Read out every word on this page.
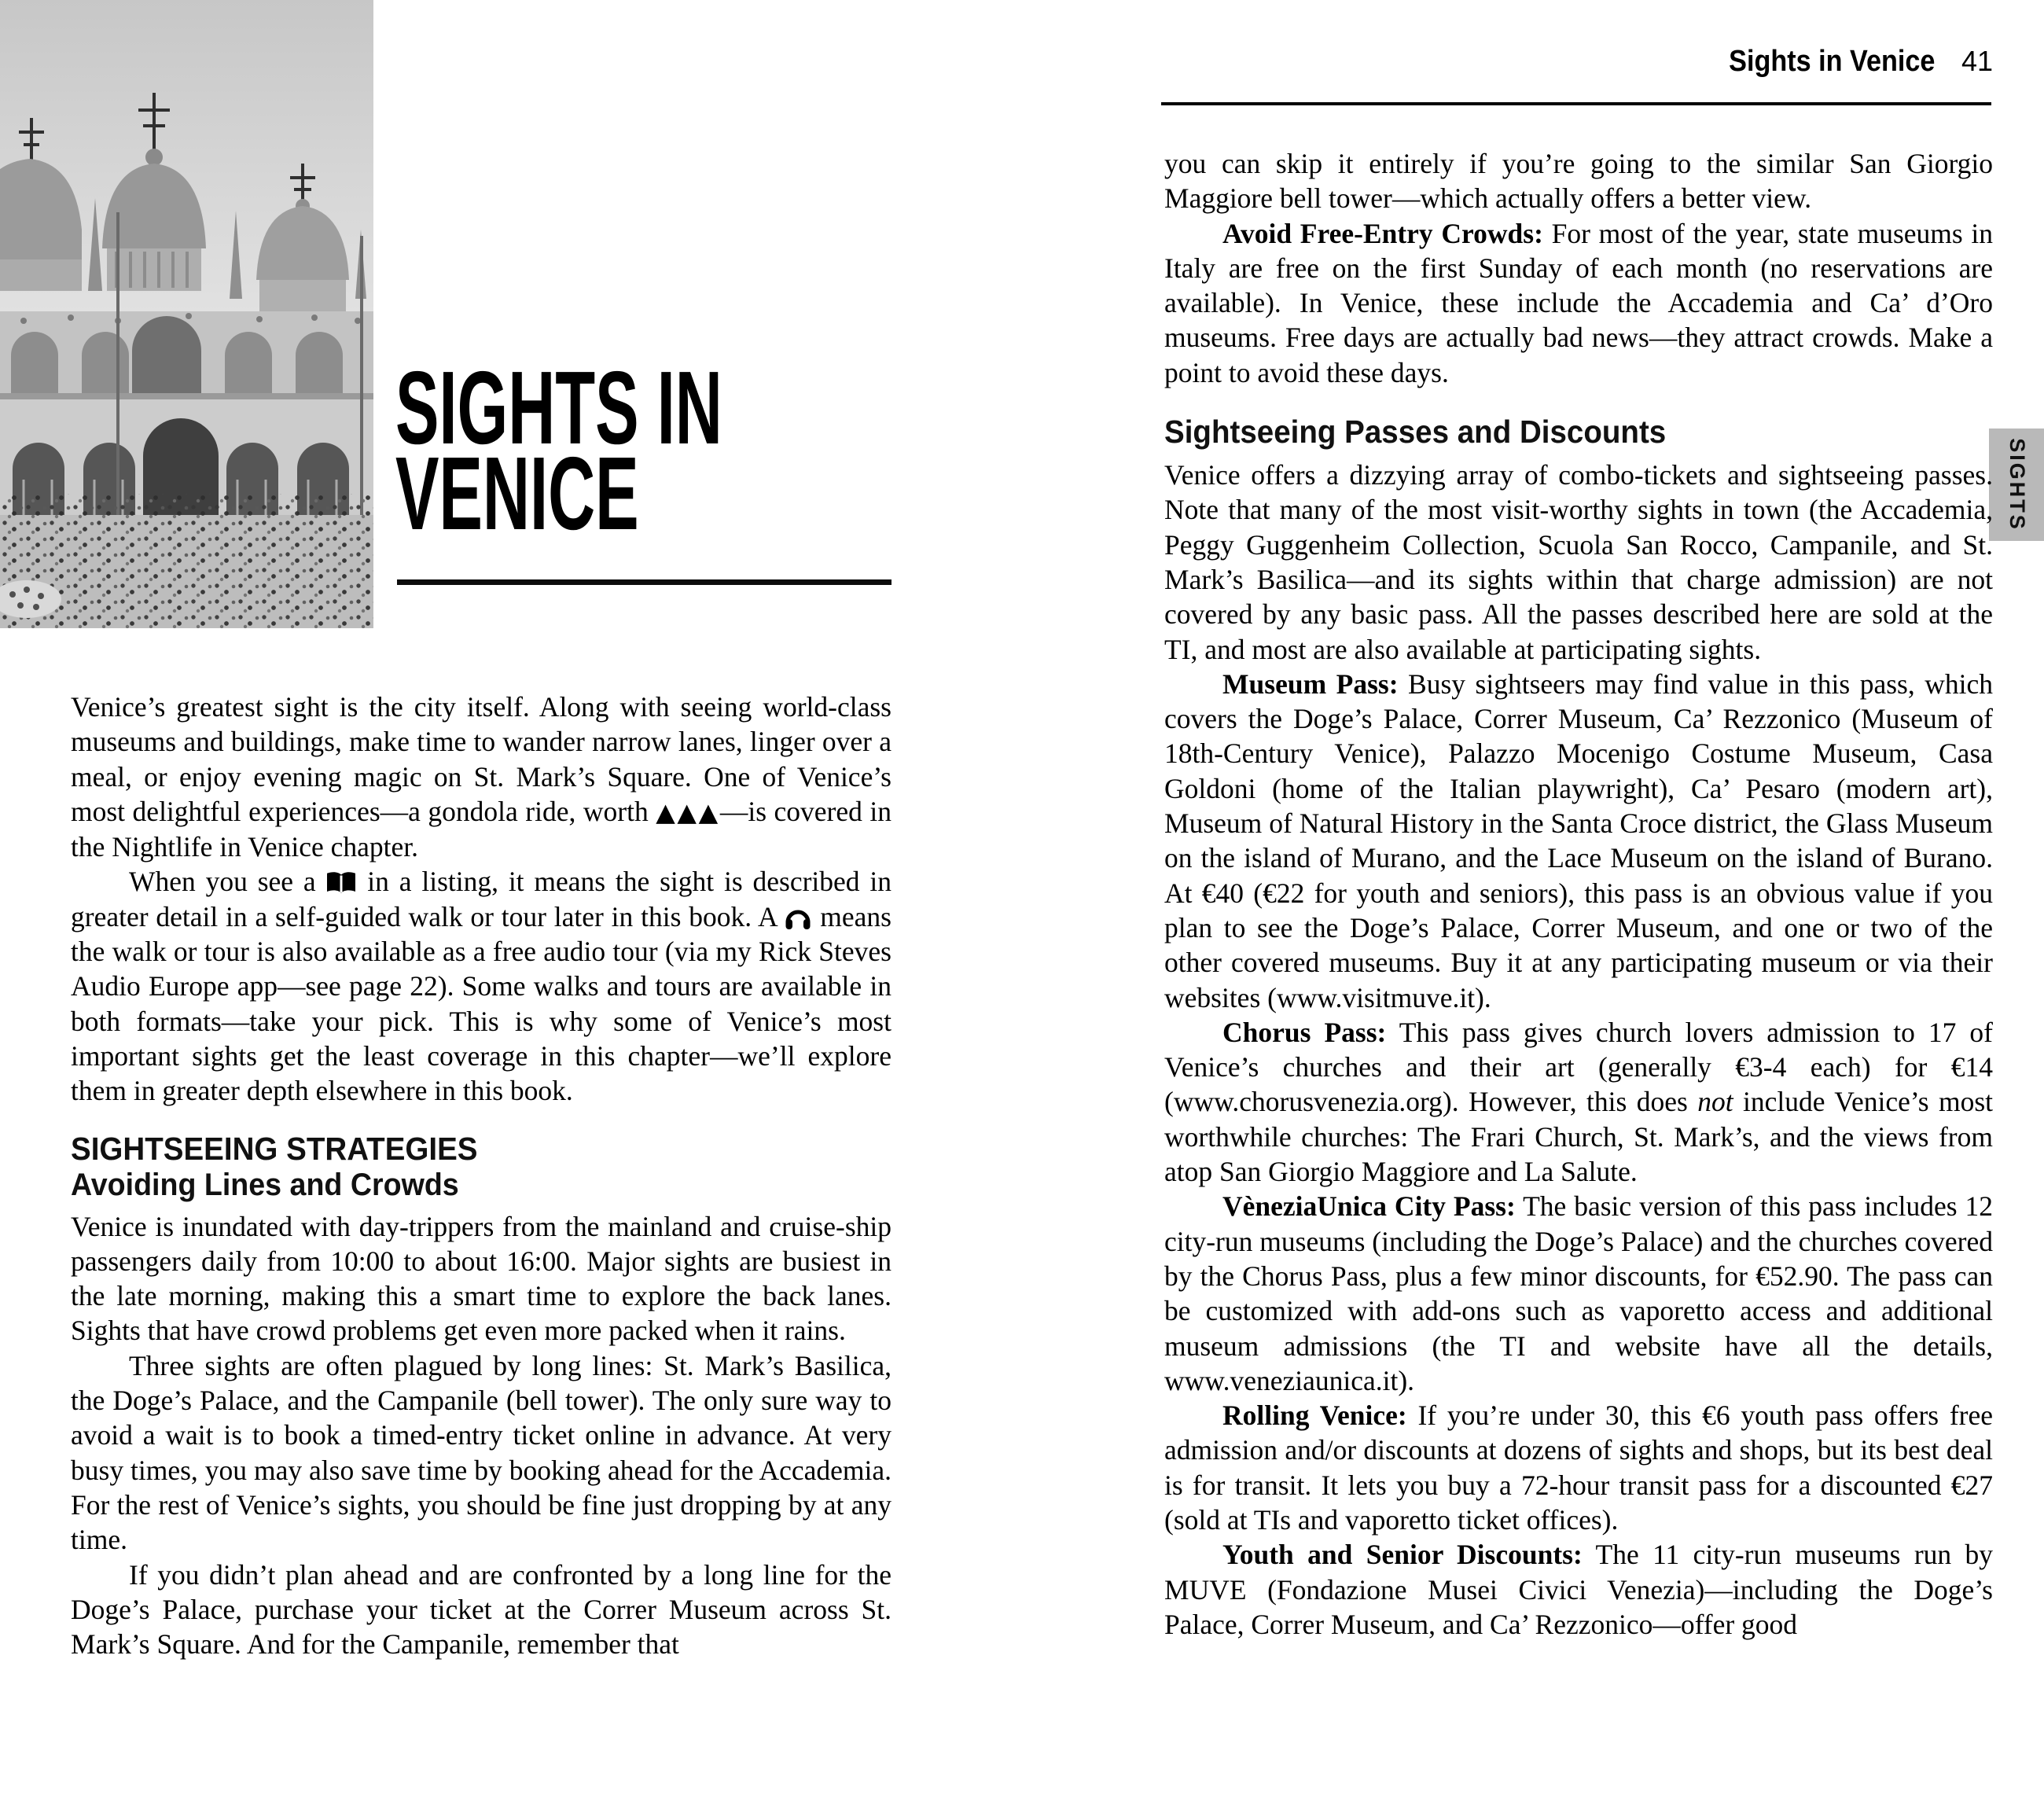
SIGHTS IN
VENICE
Sights in Venice 41
SIGHTS

Venice’s greatest sight is the city itself. Along with seeing world-class museums and buildings, make time to wander narrow lanes, linger over a meal, or enjoy evening magic on St. Mark’s Square. One of Venice’s most delightful experiences—a gondola ride, worth ▲▲▲—is covered in the Nightlife in Venice chapter.

When you see a  in a listing, it means the sight is described in greater detail in a self-guided walk or tour later in this book. A  means the walk or tour is also available as a free audio tour (via my Rick Steves Audio Europe app—see page 22). Some walks and tours are available in both formats—take your pick. This is why some of Venice’s most important sights get the least coverage in this chapter—we’ll explore them in greater depth elsewhere in this book.

SIGHTSEEING STRATEGIES
Avoiding Lines and Crowds

Venice is inundated with day-trippers from the mainland and cruise-ship passengers daily from 10:00 to about 16:00. Major sights are busiest in the late morning, making this a smart time to explore the back lanes. Sights that have crowd problems get even more packed when it rains.

Three sights are often plagued by long lines: St. Mark’s Basilica, the Doge’s Palace, and the Campanile (bell tower). The only sure way to avoid a wait is to book a timed-entry ticket online in advance. At very busy times, you may also save time by booking ahead for the Accademia. For the rest of Venice’s sights, you should be fine just dropping by at any time.

If you didn’t plan ahead and are confronted by a long line for the Doge’s Palace, purchase your ticket at the Correr Museum across St. Mark’s Square. And for the Campanile, remember that

you can skip it entirely if you’re going to the similar San Giorgio Maggiore bell tower—which actually offers a better view.

Avoid Free-Entry Crowds: For most of the year, state museums in Italy are free on the first Sunday of each month (no reservations are available). In Venice, these include the Accademia and Ca’ d’Oro museums. Free days are actually bad news—they attract crowds. Make a point to avoid these days.

Sightseeing Passes and Discounts

Venice offers a dizzying array of combo-tickets and sightseeing passes. Note that many of the most visit-worthy sights in town (the Accademia, Peggy Guggenheim Collection, Scuola San Rocco, Campanile, and St. Mark’s Basilica—and its sights within that charge admission) are not covered by any basic pass. All the passes described here are sold at the TI, and most are also available at participating sights.

Museum Pass: Busy sightseers may find value in this pass, which covers the Doge’s Palace, Correr Museum, Ca’ Rezzonico (Museum of 18th-Century Venice), Palazzo Mocenigo Costume Museum, Casa Goldoni (home of the Italian playwright), Ca’ Pesaro (modern art), Museum of Natural History in the Santa Croce district, the Glass Museum on the island of Murano, and the Lace Museum on the island of Burano. At €40 (€22 for youth and seniors), this pass is an obvious value if you plan to see the Doge’s Palace, Correr Museum, and one or two of the other covered museums. Buy it at any participating museum or via their websites (www.visitmuve.it).

Chorus Pass: This pass gives church lovers admission to 17 of Venice’s churches and their art (generally €3-4 each) for €14 (www.chorusvenezia.org). However, this does not include Venice’s most worthwhile churches: The Frari Church, St. Mark’s, and the views from atop San Giorgio Maggiore and La Salute.

VèneziaUnica City Pass: The basic version of this pass includes 12 city-run museums (including the Doge’s Palace) and the churches covered by the Chorus Pass, plus a few minor discounts, for €52.90. The pass can be customized with add-ons such as vaporetto access and additional museum admissions (the TI and website have all the details, www.veneziaunica.it).

Rolling Venice: If you’re under 30, this €6 youth pass offers free admission and/or discounts at dozens of sights and shops, but its best deal is for transit. It lets you buy a 72-hour transit pass for a discounted €27 (sold at TIs and vaporetto ticket offices).

Youth and Senior Discounts: The 11 city-run museums run by MUVE (Fondazione Musei Civici Venezia)—including the Doge’s Palace, Correr Museum, and Ca’ Rezzonico—offer good
